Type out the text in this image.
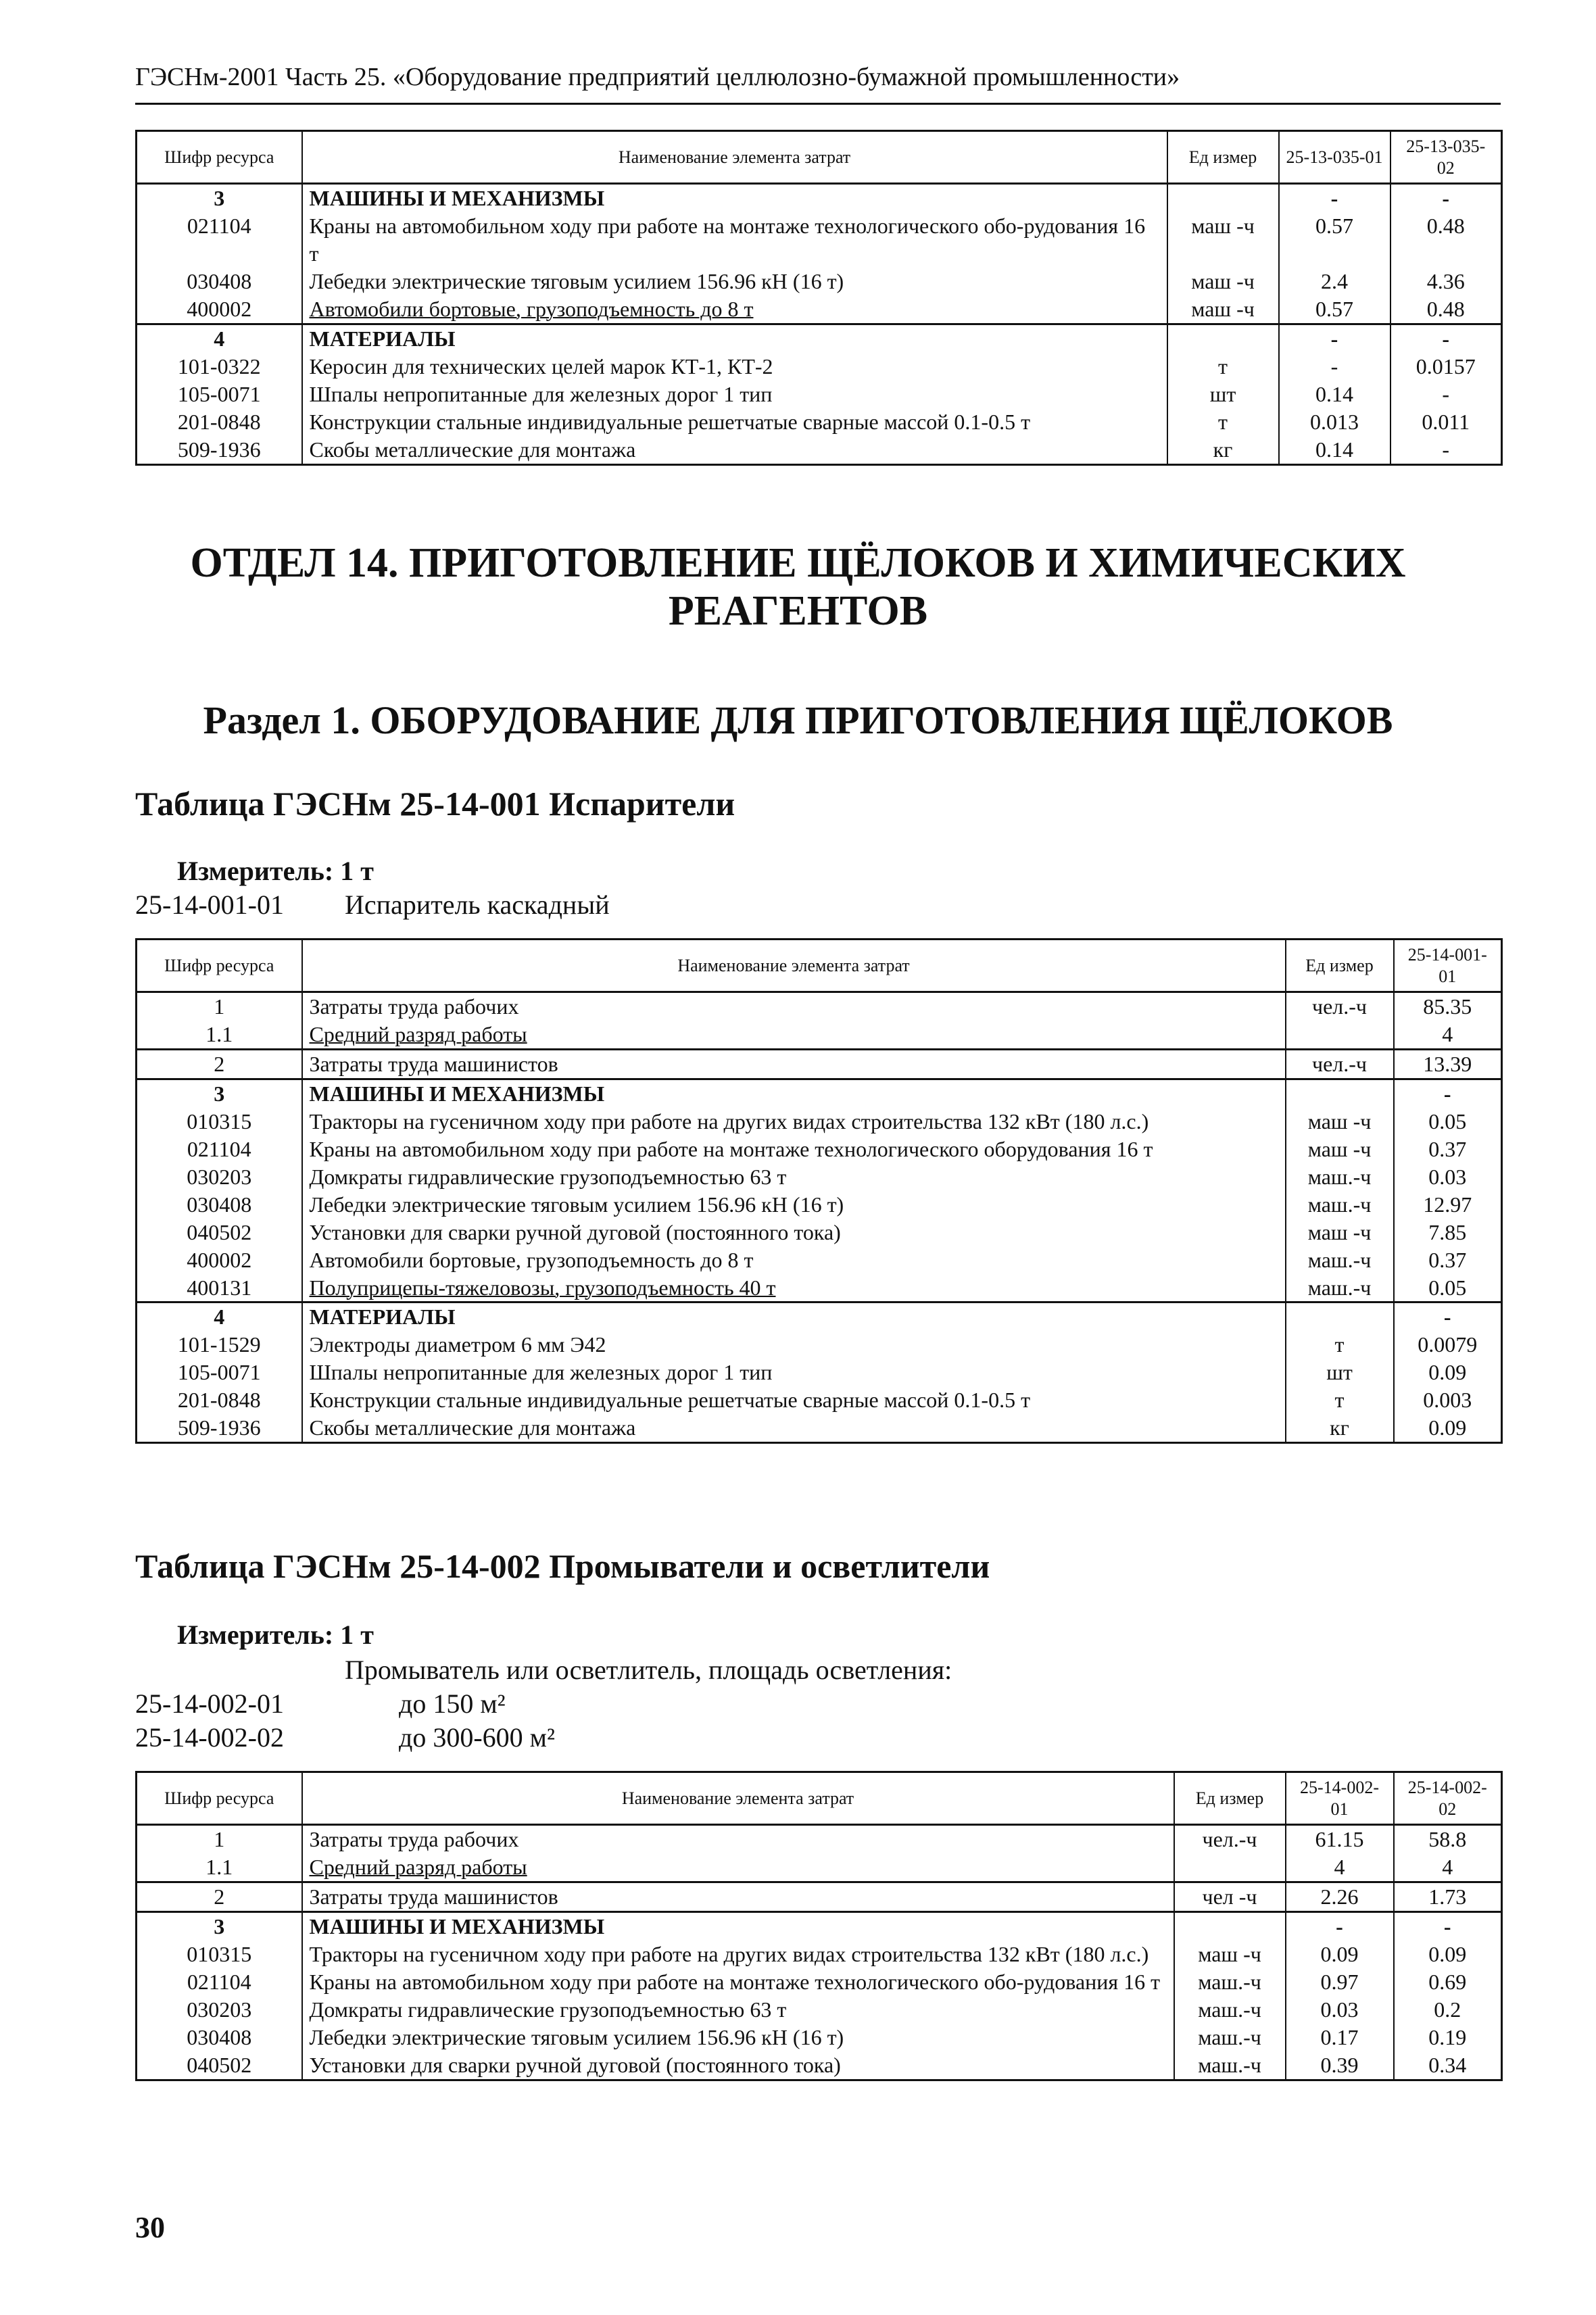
ГЭСНм-2001 Часть 25. «Оборудование предприятий целлюлозно-бумажной промышленности»
Шифр ресурса	Наименование элемента затрат	Ед измер	25-13-035-01	25-13-035-02
3	МАШИНЫ И МЕХАНИЗМЫ		-	-
021104	Краны на автомобильном ходу при работе на монтаже технологического обо-рудования 16 т	маш -ч	0.57	0.48
030408	Лебедки электрические тяговым усилием 156.96 кН (16 т)	маш -ч	2.4	4.36
400002	Автомобили бортовые, грузоподъемность до 8 т	маш -ч	0.57	0.48
4	МАТЕРИАЛЫ		-	-
101-0322	Керосин для технических целей марок КТ-1, КТ-2	т	-	0.0157
105-0071	Шпалы непропитанные для железных дорог 1 тип	шт	0.14	-
201-0848	Конструкции стальные индивидуальные решетчатые сварные массой 0.1-0.5 т	т	0.013	0.011
509-1936	Скобы металлические для монтажа	кг	0.14	-
ОТДЕЛ 14. ПРИГОТОВЛЕНИЕ ЩЁЛОКОВ И ХИМИЧЕСКИХ
РЕАГЕНТОВ
Раздел 1. ОБОРУДОВАНИЕ ДЛЯ ПРИГОТОВЛЕНИЯ ЩЁЛОКОВ
Таблица ГЭСНм 25-14-001 Испарители
Измеритель: 1 т
25-14-001-01 Испаритель каскадный
Шифр ресурса	Наименование элемента затрат	Ед измер	25-14-001-01
1	Затраты труда рабочих	чел.-ч	85.35
1.1	Средний разряд работы		4
2	Затраты труда машинистов	чел.-ч	13.39
3	МАШИНЫ И МЕХАНИЗМЫ		-
010315	Тракторы на гусеничном ходу при работе на других видах строительства 132 кВт (180 л.с.)	маш -ч	0.05
021104	Краны на автомобильном ходу при работе на монтаже технологического оборудования 16 т	маш -ч	0.37
030203	Домкраты гидравлические грузоподъемностью 63 т	маш.-ч	0.03
030408	Лебедки электрические тяговым усилием 156.96 кН (16 т)	маш.-ч	12.97
040502	Установки для сварки ручной дуговой (постоянного тока)	маш -ч	7.85
400002	Автомобили бортовые, грузоподъемность до 8 т	маш.-ч	0.37
400131	Полуприцепы-тяжеловозы, грузоподъемность 40 т	маш.-ч	0.05
4	МАТЕРИАЛЫ		-
101-1529	Электроды диаметром 6 мм Э42	т	0.0079
105-0071	Шпалы непропитанные для железных дорог 1 тип	шт	0.09
201-0848	Конструкции стальные индивидуальные решетчатые сварные массой 0.1-0.5 т	т	0.003
509-1936	Скобы металлические для монтажа	кг	0.09
Таблица ГЭСНм 25-14-002 Промыватели и осветлители
Измеритель: 1 т
Промыватель или осветлитель, площадь осветления:
25-14-002-01	до 150 м²
25-14-002-02	до 300-600 м²
Шифр ресурса	Наименование элемента затрат	Ед измер	25-14-002-01	25-14-002-02
1	Затраты труда рабочих	чел.-ч	61.15	58.8
1.1	Средний разряд работы		4	4
2	Затраты труда машинистов	чел -ч	2.26	1.73
3	МАШИНЫ И МЕХАНИЗМЫ		-	-
010315	Тракторы на гусеничном ходу при работе на других видах строительства 132 кВт (180 л.с.)	маш -ч	0.09	0.09
021104	Краны на автомобильном ходу при работе на монтаже технологического обо-рудования 16 т	маш.-ч	0.97	0.69
030203	Домкраты гидравлические грузоподъемностью 63 т	маш.-ч	0.03	0.2
030408	Лебедки электрические тяговым усилием 156.96 кН (16 т)	маш.-ч	0.17	0.19
040502	Установки для сварки ручной дуговой (постоянного тока)	маш.-ч	0.39	0.34
30
